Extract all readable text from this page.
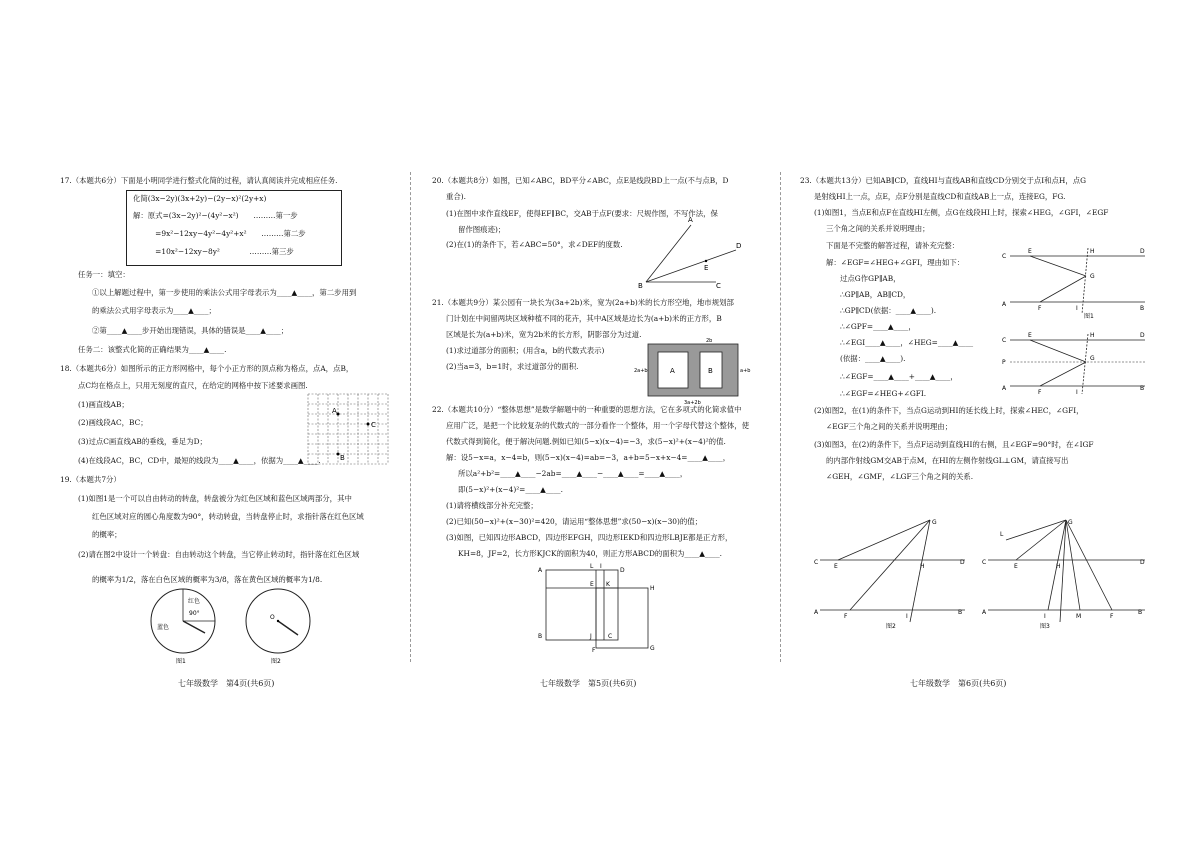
17.（本题共6分）下面是小明同学进行整式化简的过程，请认真阅读并完成相应任务.
化简(3x−2y)(3x+2y)−(2y−x)²(2y+x)
解：原式=(3x−2y)²−(4y²−x²)　　………第一步
　　　=9x²−12xy−4y²−4y²+x²　　………第二步
　　　=10x²−12xy−8y²　　　　………第三步
任务一：填空：
①以上解题过程中，第一步使用的乘法公式用字母表示为____▲____，第二步用到
的乘法公式用字母表示为____▲____；
②第____▲____步开始出现错误，具体的错误是____▲____；
任务二：该整式化简的正确结果为____▲____.
18.（本题共6分）如图所示的正方形网格中，每个小正方形的顶点称为格点，点A，点B，
点C均在格点上，只用无刻度的直尺，在给定的网格中按下述要求画图.
(1)画直线AB；
(2)画线段AC，BC；
(3)过点C画直线AB的垂线，垂足为D；
(4)在线段AC，BC，CD中，最短的线段为____▲____，依据为____▲____.
A
C
B
19.（本题共7分）
(1)如图1是一个可以自由转动的转盘，转盘被分为红色区域和蓝色区域两部分，其中
红色区域对应的圆心角度数为90°，转动转盘，当转盘停止时，求指针落在红色区域
的概率；
(2)请在图2中设计一个转盘：自由转动这个转盘，当它停止转动时，指针落在红色区域
的概率为1/2，落在白色区域的概率为3/8，落在黄色区域的概率为1/8.
红色
90°
蓝色
图1
O
图2
七年级数学　第4页(共6页)
20.（本题共8分）如图，已知∠ABC，BD平分∠ABC，点E是线段BD上一点(不与点B，D
重合).
(1)在图中求作直线EF，使得EF∥BC，交AB于点F(要求：尺规作图，不写作法，保
留作图痕迹)；
(2)在(1)的条件下，若∠ABC=50°，求∠DEF的度数.
A
D
E
B	C
21.（本题共9分）某公园有一块长为(3a+2b)米，宽为(2a+b)米的长方形空地，地市规划部
门计划在中间留两块区域种植不同的花卉，其中A区域是边长为(a+b)米的正方形，B
区域是长为(a+b)米，宽为2b米的长方形，阴影部分为过道.
(1)求过道部分的面积；(用含a，b的代数式表示)
(2)当a=3，b=1时，求过道部分的面积.	A	B
2b
2a+b	a+b
3a+2b
22.（本题共10分）“整体思想”是数学解题中的一种重要的思想方法，它在多项式的化简求值中
应用广泛，是把一个比较复杂的代数式的一部分看作一个整体，用一个字母代替这个整体，使
代数式得到简化，便于解决问题.例如已知(5−x)(x−4)=−3，求(5−x)²+(x−4)²的值.
解：设5−x=a，x−4=b，则(5−x)(x−4)=ab=−3，a+b=5−x+x−4=____▲____，
所以a²+b²=____▲____−2ab=____▲____−____▲____=____▲____，
即(5−x)²+(x−4)²=____▲____.
(1)请将横线部分补充完整；
(2)已知(50−x)²+(x−30)²=420，请运用“整体思想”求(50−x)(x−30)的值；
(3)如图，已知四边形ABCD，四边形EFGH，四边形IEKD和四边形LBJE都是正方形，
KH=8，JF=2，长方形KJCK的面积为40，则正方形ABCD的面积为____▲____.
A
L I
D
H
E K
B	J	C
G
F
七年级数学　第5页(共6页)
23.（本题共13分）已知AB∥CD，直线HI与直线AB和直线CD分别交于点I和点H，点G
是射线HI上一点，点E，点F分别是直线CD和直线AB上一点，连接EG，FG.
(1)如图1，当点E和点F在直线HI左侧，点G在线段HI上时，探索∠HEG，∠GFI，∠EGF
三个角之间的关系并说明理由；
下面是不完整的解答过程，请补充完整：
解：∠EGF=∠HEG+∠GFI，理由如下：
过点G作GP∥AB，
∴GP∥AB，AB∥CD，
∴GP∥CD(依据：____▲____).
∴∠GPF=____▲____，
∴∠EGI____▲____，∠HEG=____▲____
(依据：____▲____).
∴∠EGF=____▲____+____▲____，
∴∠EGF=∠HEG+∠GFI.
(2)如图2，在(1)的条件下，当点G运动到HI的延长线上时，探索∠HEC，∠GFI，
∠EGF三个角之间的关系并说明理由；
(3)如图3，在(2)的条件下，当点F运动到直线HI的右侧，且∠EGF=90°时，在∠IGF
的内部作射线GM交AB于点M，在HI的左侧作射线GL⊥GM，请直接写出
∠GEH，∠GMF，∠LGF三个角之间的关系.
C
E	H	D
G
A
F	I	B
图1
C
E	H	D
P
G
A
F	I
B
C
E	H
D
G
A
F	I
B
图2
L
G
C
E	H
D
A
I	M	F
B
图3
七年级数学　第6页(共6页)
